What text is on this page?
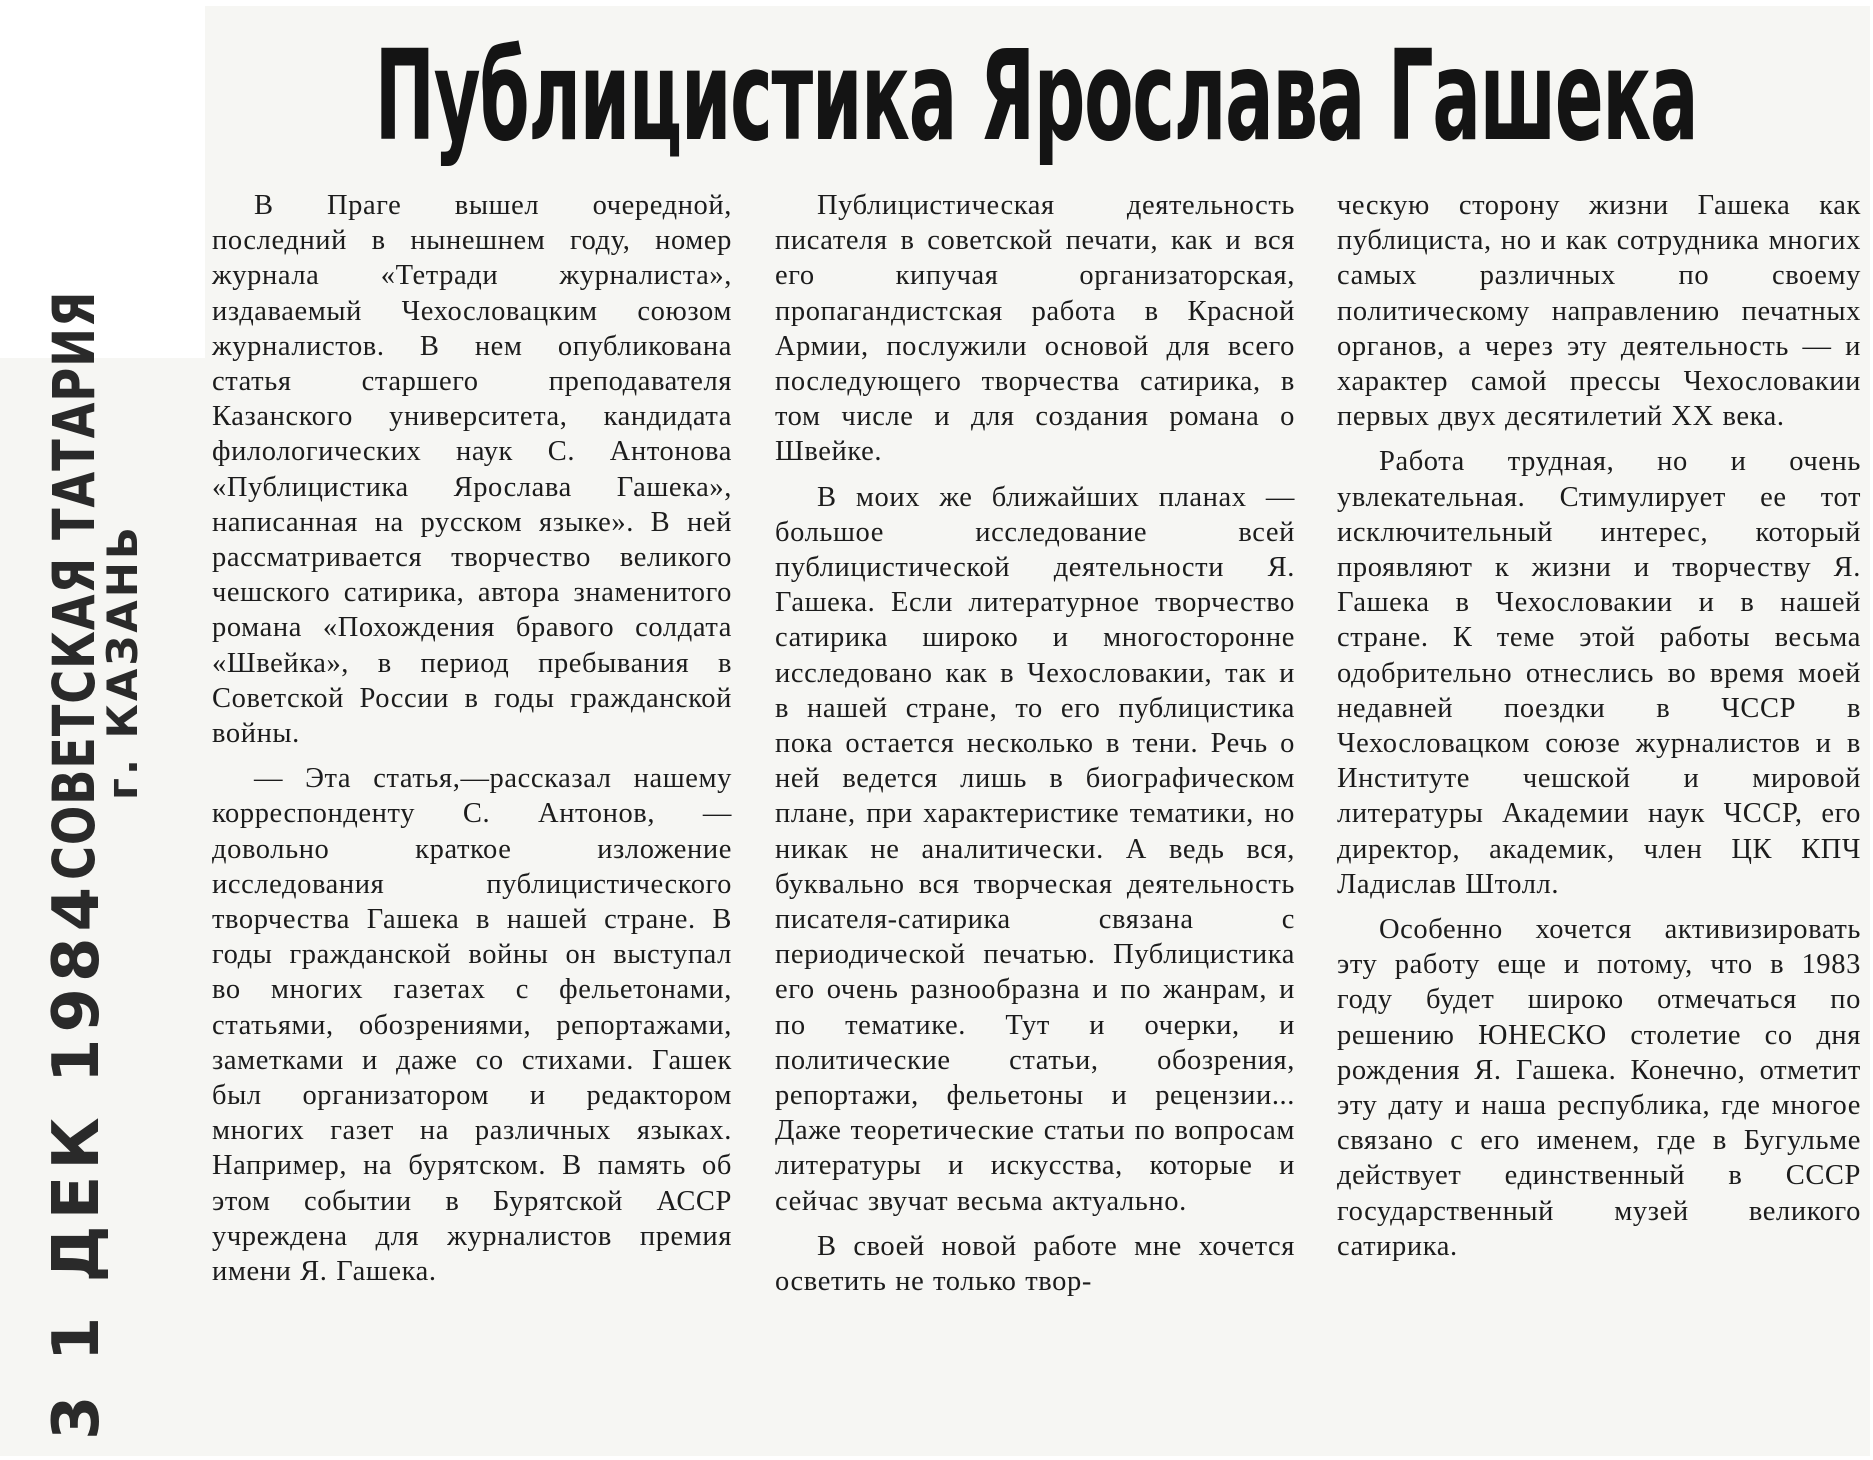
Публицистика Ярослава Гашека
3 1 ДЕК 1984
СОВЕТСКАЯ ТАТАРИЯ
г. КАЗАНЬ

В Праге вышел очередной, последний в нынешнем году, номер журнала «Тетради журналиста», издаваемый Чехословацким союзом журналистов. В нем опубликована статья старшего преподавателя Казанского университета, кандидата филологических наук С. Антонова «Публицистика Ярослава Гашека», написанная на русском языке». В ней рассматривается творчество великого чешского сатирика, автора знаменитого романа «Похождения бравого солдата «Швейка», в период пребывания в Советской России в годы гражданской войны.

— Эта статья,—рассказал нашему корреспонденту С. Антонов, — довольно краткое изложение исследования публицистического творчества Гашека в нашей стране. В годы гражданской войны он выступал во многих газетах с фельетонами, статьями, обозрениями, репортажами, заметками и даже со стихами. Гашек был организатором и редактором многих газет на различных языках. Например, на бурятском. В память об этом событии в Бурятской АССР учреждена для журналистов премия имени Я. Гашека.

Публицистическая деятельность писателя в советской печати, как и вся его кипучая организаторская, пропагандистская работа в Красной Армии, послужили основой для всего последующего творчества сатирика, в том числе и для создания романа о Швейке.

В моих же ближайших планах — большое исследование всей публицистической деятельности Я. Гашека. Если литературное творчество сатирика широко и многосторонне исследовано как в Чехословакии, так и в нашей стране, то его публицистика пока остается несколько в тени. Речь о ней ведется лишь в биографическом плане, при характеристике тематики, но никак не аналитически. А ведь вся, буквально вся творческая деятельность писателя-сатирика связана с периодической печатью. Публицистика его очень разнообразна и по жанрам, и по тематике. Тут и очерки, и политические статьи, обозрения, репортажи, фельетоны и рецензии... Даже теоретические статьи по вопросам литературы и искусства, которые и сейчас звучат весьма актуально.

В своей новой работе мне хочется осветить не только твор-

ческую сторону жизни Гашека как публициста, но и как сотрудника многих самых различных по своему политическому направлению печатных органов, а через эту деятельность — и характер самой прессы Чехословакии первых двух десятилетий XX века.

Работа трудная, но и очень увлекательная. Стимулирует ее тот исключительный интерес, который проявляют к жизни и творчеству Я. Гашека в Чехословакии и в нашей стране. К теме этой работы весьма одобрительно отнеслись во время моей недавней поездки в ЧССР в Чехословацком союзе журналистов и в Институте чешской и мировой литературы Академии наук ЧССР, его директор, академик, член ЦК КПЧ Ладислав Штолл.

Особенно хочется активизировать эту работу еще и потому, что в 1983 году будет широко отмечаться по решению ЮНЕСКО столетие со дня рождения Я. Гашека. Конечно, отметит эту дату и наша республика, где многое связано с его именем, где в Бугульме действует единственный в СССР государственный музей великого сатирика.
